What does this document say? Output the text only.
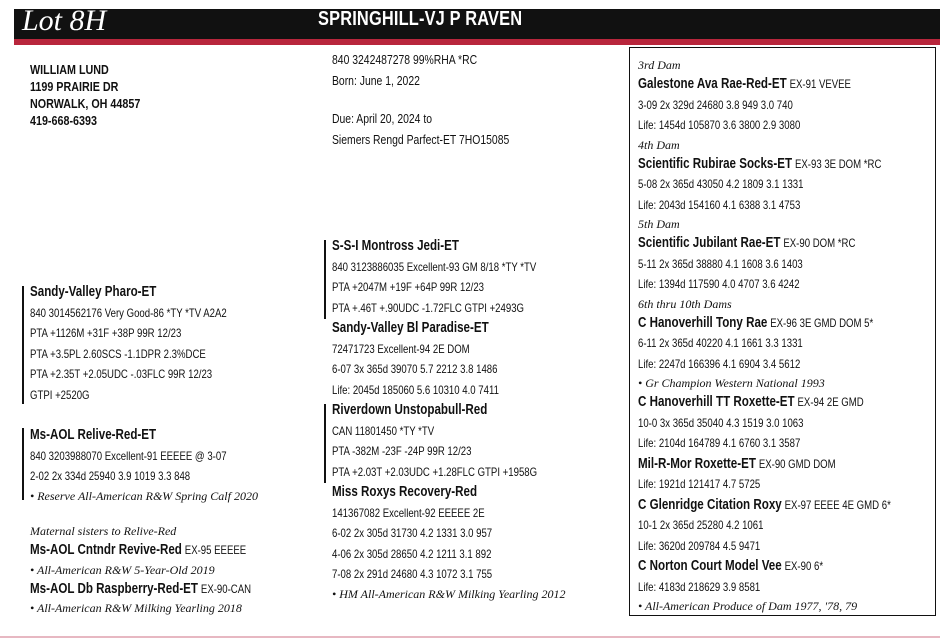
Lot 8H	SPRINGHILL-VJ P RAVEN
WILLIAM LUND
1199 PRAIRIE DR
NORWALK, OH 44857
419-668-6393
840 3242487278 99%RHA *RC
Born: June 1, 2022
Due: April 20, 2024 to
Siemers Rengd Parfect-ET 7HO15085
Sandy-Valley Pharo-ET
840 3014562176 Very Good-86 *TY *TV A2A2
PTA +1126M +31F +38P 99R 12/23
PTA +3.5PL 2.60SCS -1.1DPR 2.3%DCE
PTA +2.35T +2.05UDC -.03FLC 99R 12/23
GTPI +2520G
Ms-AOL Relive-Red-ET
840 3203988070 Excellent-91 EEEEE @ 3-07
2-02 2x 334d 25940 3.9 1019 3.3 848
• Reserve All-American R&W Spring Calf 2020
Maternal sisters to Relive-Red
Ms-AOL Cntndr Revive-Red EX-95 EEEEE
• All-American R&W 5-Year-Old 2019
Ms-AOL Db Raspberry-Red-ET EX-90-CAN
• All-American R&W Milking Yearling 2018
S-S-I Montross Jedi-ET
840 3123886035 Excellent-93 GM 8/18 *TY *TV
PTA +2047M +19F +64P 99R 12/23
PTA +.46T +.90UDC -1.72FLC GTPI +2493G
Sandy-Valley Bl Paradise-ET
72471723 Excellent-94 2E DOM
6-07 3x 365d 39070 5.7 2212 3.8 1486
Life: 2045d 185060 5.6 10310 4.0 7411
Riverdown Unstopabull-Red
CAN 11801450 *TY *TV
PTA -382M -23F -24P 99R 12/23
PTA +2.03T +2.03UDC +1.28FLC GTPI +1958G
Miss Roxys Recovery-Red
141367082 Excellent-92 EEEEE 2E
6-02 2x 305d 31730 4.2 1331 3.0 957
4-06 2x 305d 28650 4.2 1211 3.1 892
7-08 2x 291d 24680 4.3 1072 3.1 755
• HM All-American R&W Milking Yearling 2012
3rd Dam
Galestone Ava Rae-Red-ET EX-91 VEVEE
3-09 2x 329d 24680 3.8 949 3.0 740
Life: 1454d 105870 3.6 3800 2.9 3080
4th Dam
Scientific Rubirae Socks-ET EX-93 3E DOM *RC
5-08 2x 365d 43050 4.2 1809 3.1 1331
Life: 2043d 154160 4.1 6388 3.1 4753
5th Dam
Scientific Jubilant Rae-ET EX-90 DOM *RC
5-11 2x 365d 38880 4.1 1608 3.6 1403
Life: 1394d 117590 4.0 4707 3.6 4242
6th thru 10th Dams
C Hanoverhill Tony Rae EX-96 3E GMD DOM 5*
6-11 2x 365d 40220 4.1 1661 3.3 1331
Life: 2247d 166396 4.1 6904 3.4 5612
• Gr Champion Western National 1993
C Hanoverhill TT Roxette-ET EX-94 2E GMD
10-0 3x 365d 35040 4.3 1519 3.0 1063
Life: 2104d 164789 4.1 6760 3.1 3587
Mil-R-Mor Roxette-ET EX-90 GMD DOM
Life: 1921d 121417 4.7 5725
C Glenridge Citation Roxy EX-97 EEEE 4E GMD 6*
10-1 2x 365d 25280 4.2 1061
Life: 3620d 209784 4.5 9471
C Norton Court Model Vee EX-90 6*
Life: 4183d 218629 3.9 8581
• All-American Produce of Dam 1977, '78, 79
